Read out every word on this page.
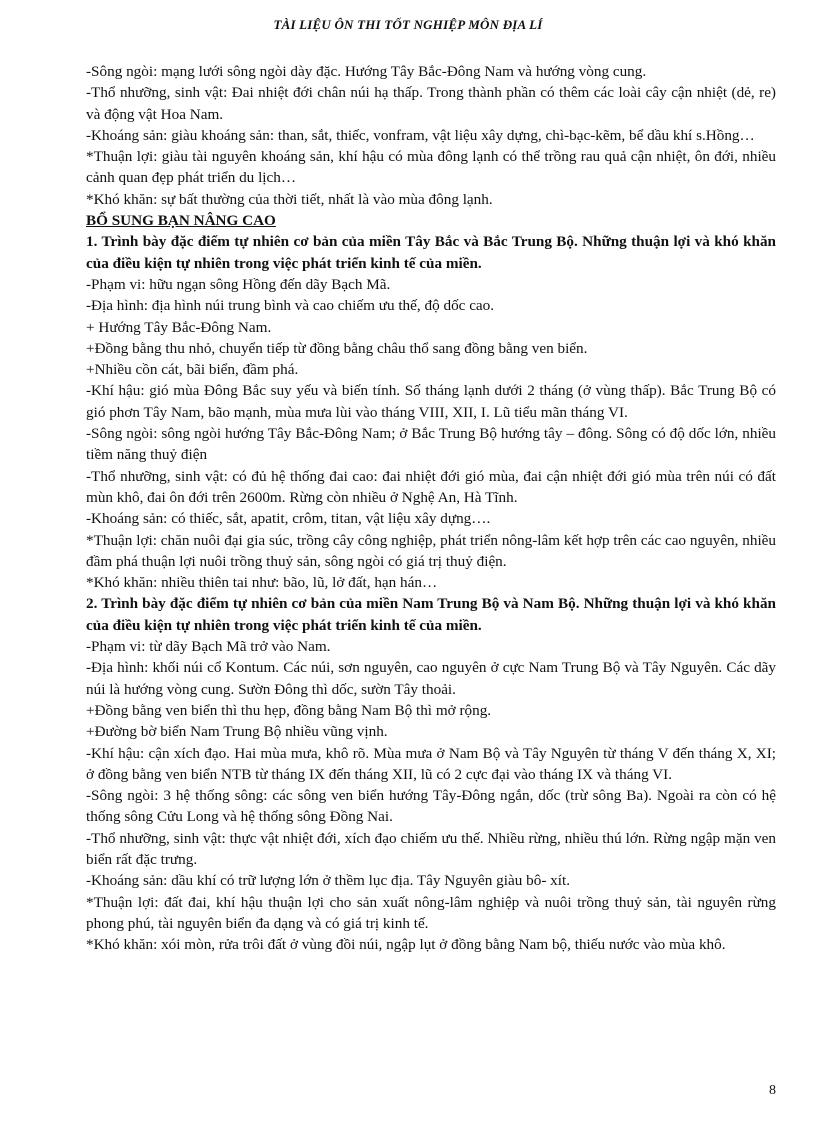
TÀI LIỆU ÔN THI TỐT NGHIỆP MÔN ĐỊA LÍ

-Sông ngòi: mạng lưới sông ngòi dày đặc. Hướng Tây Bắc-Đông Nam và hướng vòng cung.

-Thổ nhưỡng, sinh vật: Đai nhiệt đới chân núi hạ thấp. Trong thành phần có thêm các loài cây cận nhiệt (dẻ, re) và động vật Hoa Nam.

-Khoáng sản: giàu khoáng sản: than, sắt, thiếc, vonfram, vật liệu xây dựng, chì-bạc-kẽm, bể dầu khí s.Hồng…

*Thuận lợi: giàu tài nguyên khoáng sản, khí hậu có mùa đông lạnh có thể trồng rau quả cận nhiệt, ôn đới, nhiều cảnh quan đẹp phát triển du lịch…

*Khó khăn: sự bất thường của thời tiết, nhất là vào mùa đông lạnh.

BỔ SUNG BẠN NÂNG CAO

1. Trình bày đặc điểm tự nhiên cơ bản của miền Tây Bắc và Bắc Trung Bộ. Những thuận lợi và khó khăn của điều kiện tự nhiên trong việc phát triển kinh tế của miền.

-Phạm vi: hữu ngạn sông Hồng đến dãy Bạch Mã.

-Địa hình: địa hình núi trung bình và cao chiếm ưu thế, độ dốc cao.

+ Hướng Tây Bắc-Đông Nam.

+Đồng bằng thu nhỏ, chuyển tiếp từ đồng bằng châu thổ sang đồng bằng ven biển.

+Nhiều cồn cát, bãi biển, đầm phá.

-Khí hậu: gió mùa Đông Bắc suy yếu và biến tính. Số tháng lạnh dưới 2 tháng (ở vùng thấp). Bắc Trung Bộ có gió phơn Tây Nam, bão mạnh, mùa mưa lùi vào tháng VIII, XII, I. Lũ tiểu mãn tháng VI.

-Sông ngòi: sông ngòi hướng Tây Bắc-Đông Nam; ở Bắc Trung Bộ hướng tây – đông. Sông có độ dốc lớn, nhiều tiềm năng thuỷ điện

-Thổ nhưỡng, sinh vật: có đủ hệ thống đai cao: đai nhiệt đới gió mùa, đai cận nhiệt đới gió mùa trên núi có đất mùn khô, đai ôn đới trên 2600m. Rừng còn nhiều ở Nghệ An, Hà Tĩnh.

-Khoáng sản: có thiếc, sắt, apatit, crôm, titan, vật liệu xây dựng….

*Thuận lợi: chăn nuôi đại gia súc, trồng cây công nghiệp, phát triển nông-lâm kết hợp trên các cao nguyên, nhiều đầm phá thuận lợi nuôi trồng thuỷ sản, sông ngòi có giá trị thuỷ điện.

*Khó khăn: nhiều thiên tai như: bão, lũ, lở đất, hạn hán…

2. Trình bày đặc điểm tự nhiên cơ bản của miền Nam Trung Bộ và Nam Bộ. Những thuận lợi và khó khăn của điều kiện tự nhiên trong việc phát triển kinh tế của miền.

-Phạm vi: từ dãy Bạch Mã trở vào Nam.

-Địa hình: khối núi cổ Kontum. Các núi, sơn nguyên, cao nguyên ở cực Nam Trung Bộ và Tây Nguyên. Các dãy núi là hướng vòng cung. Sườn Đông thì dốc, sườn Tây thoải.

+Đồng bằng ven biển thì thu hẹp, đồng bằng Nam Bộ thì mở rộng.

+Đường bờ biển Nam Trung Bộ nhiều vũng vịnh.

-Khí hậu: cận xích đạo. Hai mùa mưa, khô rõ. Mùa mưa ở Nam Bộ và Tây Nguyên từ tháng V đến tháng X, XI; ở đồng bằng ven biển NTB từ tháng IX đến tháng XII, lũ có 2 cực đại vào tháng IX và tháng VI.

-Sông ngòi: 3 hệ thống sông: các sông ven biển hướng Tây-Đông ngắn, dốc (trừ sông Ba). Ngoài ra còn có hệ thống sông Cửu Long và hệ thống sông Đồng Nai.

-Thổ nhưỡng, sinh vật: thực vật nhiệt đới, xích đạo chiếm ưu thế. Nhiều rừng, nhiều thú lớn. Rừng ngập mặn ven biển rất đặc trưng.

-Khoáng sản: dầu khí có trữ lượng lớn ở thềm lục địa. Tây Nguyên giàu bô- xít.

*Thuận lợi: đất đai, khí hậu thuận lợi cho sản xuất nông-lâm nghiệp và nuôi trồng thuỷ sản, tài nguyên rừng phong phú, tài nguyên biển đa dạng và có giá trị kinh tế.

*Khó khăn: xói mòn, rửa trôi đất ở vùng đồi núi, ngập lụt ở đồng bằng Nam bộ, thiếu nước vào mùa khô.

8
